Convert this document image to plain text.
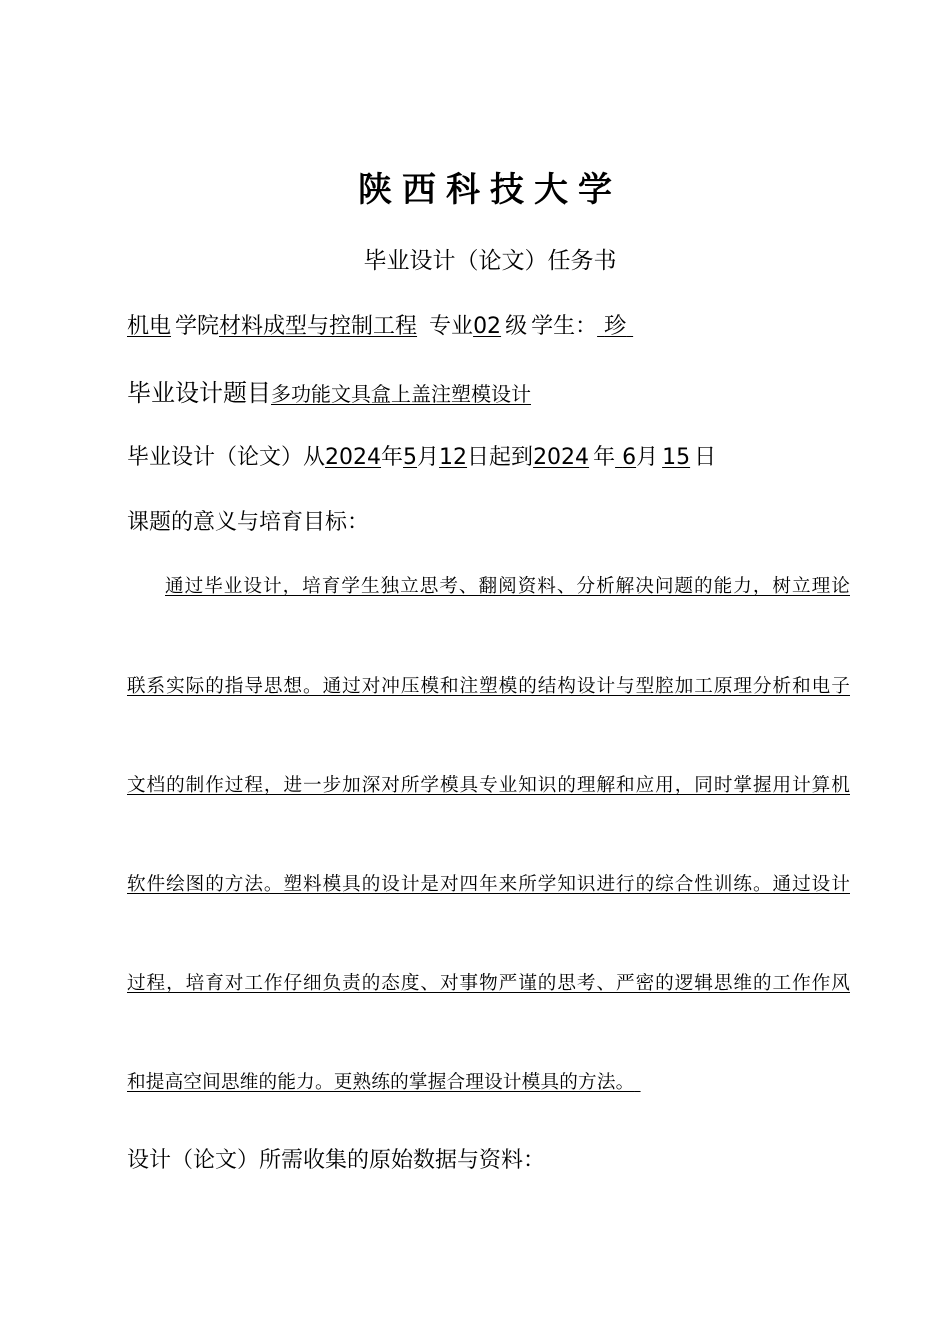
陕西科技大学
毕业设计（论文）任务书
机电 学院材料成型与控制工程 专业02 级 学生： 珍
毕业设计题目多功能文具盒上盖注塑模设计
毕业设计（论文）从2024年5月12日起到2024 年 6月 15 日
课题的意义与培育目标：
通过毕业设计，培育学生独立思考、翻阅资料、分析解决问题的能力，树立理论
联系实际的指导思想。通过对冲压模和注塑模的结构设计与型腔加工原理分析和电子
文档的制作过程，进一步加深对所学模具专业知识的理解和应用，同时掌握用计算机
软件绘图的方法。塑料模具的设计是对四年来所学知识进行的综合性训练。通过设计
过程，培育对工作仔细负责的态度、对事物严谨的思考、严密的逻辑思维的工作作风
和提高空间思维的能力。更熟练的掌握合理设计模具的方法。
设计（论文）所需收集的原始数据与资料：
